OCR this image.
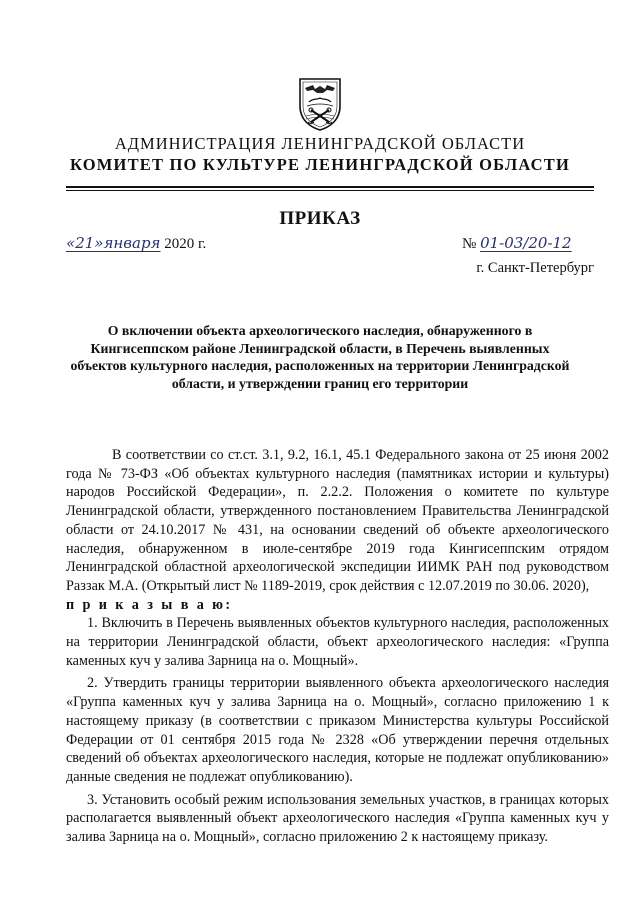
АДМИНИСТРАЦИЯ ЛЕНИНГРАДСКОЙ ОБЛАСТИ
КОМИТЕТ ПО КУЛЬТУРЕ ЛЕНИНГРАДСКОЙ ОБЛАСТИ
ПРИКАЗ
«21»января 2020 г.	№ 01-03/20-12
г. Санкт-Петербург
О включении объекта археологического наследия, обнаруженного в Кингисеппском районе Ленинградской области, в Перечень выявленных объектов культурного наследия, расположенных на территории Ленинградской области, и утверждении границ его территории

В соответствии со ст.ст. 3.1, 9.2, 16.1, 45.1 Федерального закона от 25 июня 2002 года № 73-ФЗ «Об объектах культурного наследия (памятниках истории и культуры) народов Российской Федерации», п. 2.2.2. Положения о комитете по культуре Ленинградской области, утвержденного постановлением Правительства Ленинградской области от 24.10.2017 № 431, на основании сведений об объекте археологического наследия, обнаруженном в июле-сентябре 2019 года Кингисеппским отрядом Ленинградской областной археологической экспедиции ИИМК РАН под руководством Раззак М.А. (Открытый лист № 1189-2019, срок действия с 12.07.2019 по 30.06. 2020),

п р и к а з ы в а ю:

1. Включить в Перечень выявленных объектов культурного наследия, расположенных на территории Ленинградской области, объект археологического наследия: «Группа каменных куч у залива Зарница на о. Мощный».

2. Утвердить границы территории выявленного объекта археологического наследия «Группа каменных куч у залива Зарница на о. Мощный», согласно приложению 1 к настоящему приказу (в соответствии с приказом Министерства культуры Российской Федерации от 01 сентября 2015 года № 2328 «Об утверждении перечня отдельных сведений об объектах археологического наследия, которые не подлежат опубликованию» данные сведения не подлежат опубликованию).

3. Установить особый режим использования земельных участков, в границах которых располагается выявленный объект археологического наследия «Группа каменных куч у залива Зарница на о. Мощный», согласно приложению 2 к настоящему приказу.
